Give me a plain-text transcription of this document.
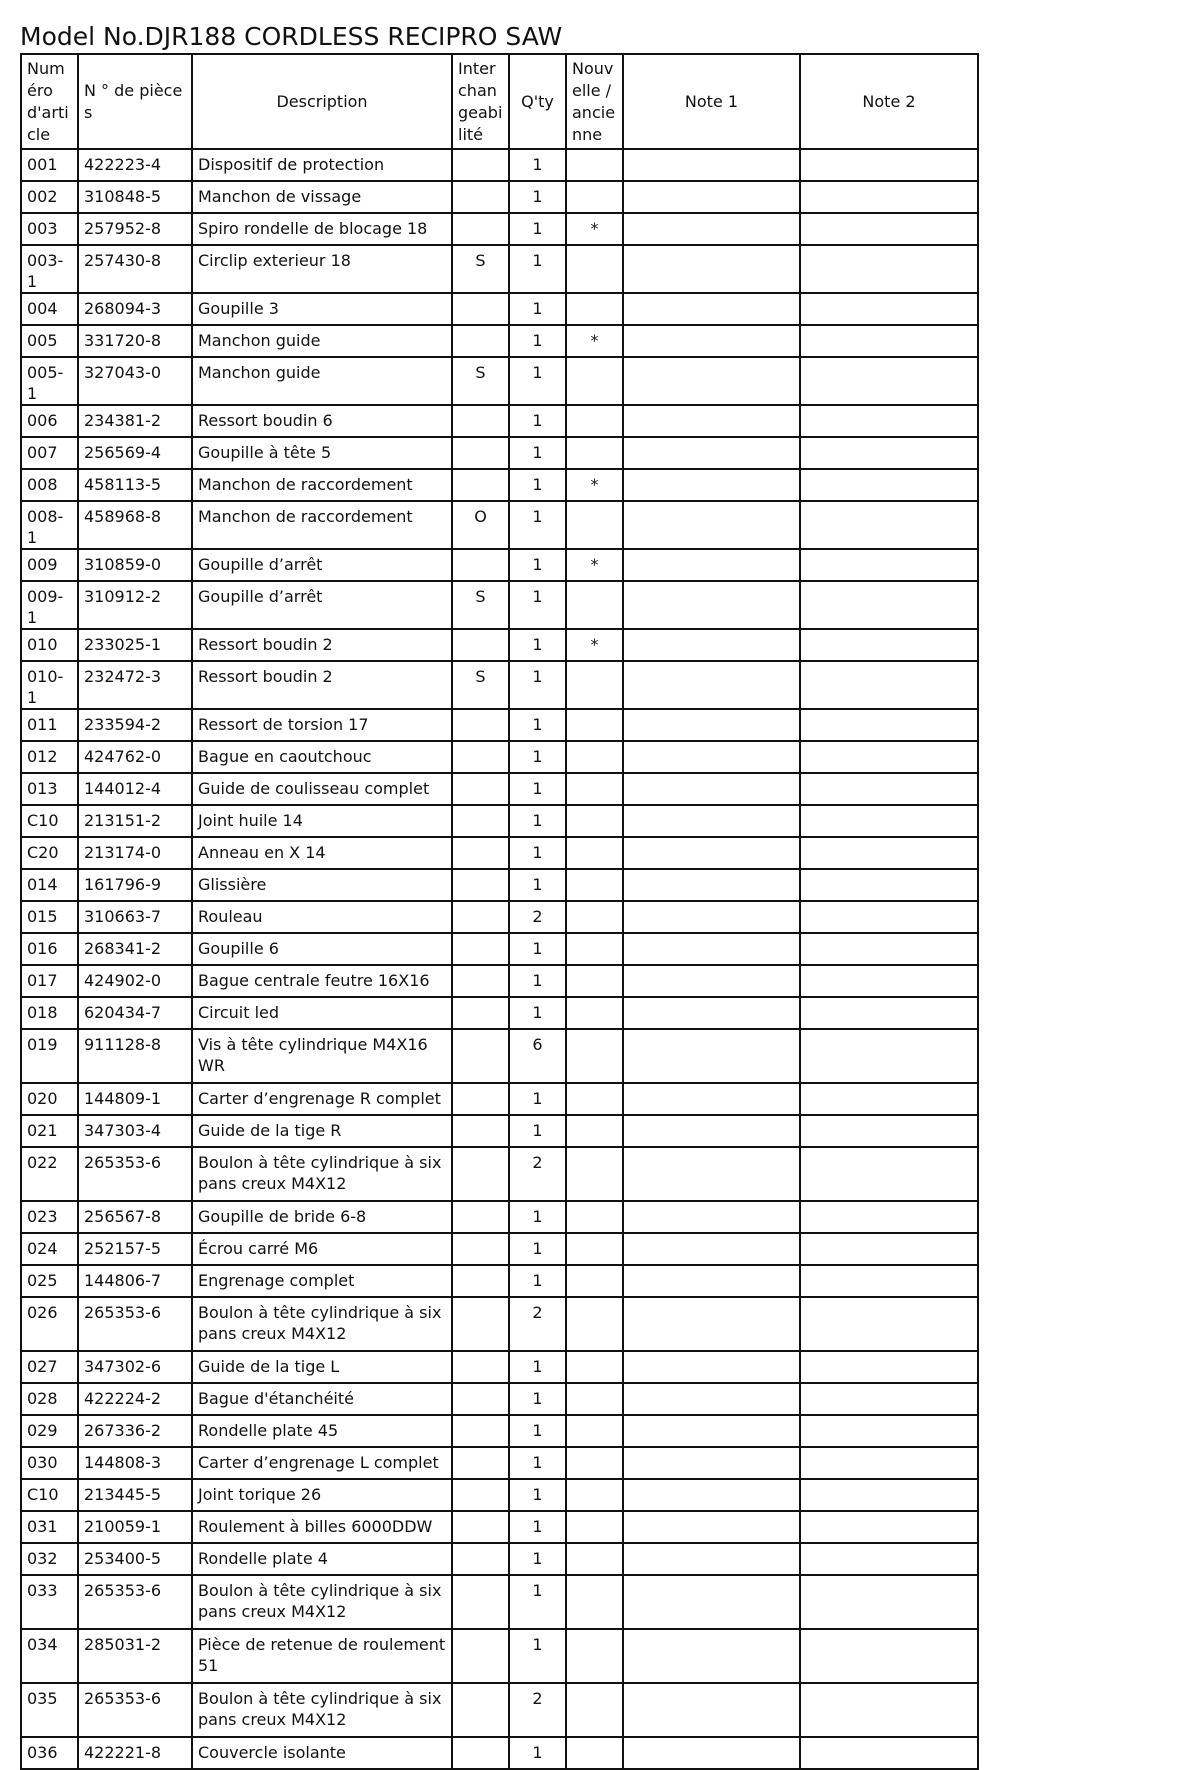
Model No.DJR188 CORDLESS RECIPRO SAW
Numéro d'article	N ° de pièces	Description	Interchangeabilité	Q'ty	Nouvelle / ancienne	Note 1	Note 2
001	422223-4	Dispositif de protection		1			
002	310848-5	Manchon de vissage		1			
003	257952-8	Spiro rondelle de blocage 18		1	*		
003-1	257430-8	Circlip exterieur 18	S	1			
004	268094-3	Goupille 3		1			
005	331720-8	Manchon guide		1	*		
005-1	327043-0	Manchon guide	S	1			
006	234381-2	Ressort boudin 6		1			
007	256569-4	Goupille à tête 5		1			
008	458113-5	Manchon de raccordement		1	*		
008-1	458968-8	Manchon de raccordement	O	1			
009	310859-0	Goupille d’arrêt		1	*		
009-1	310912-2	Goupille d’arrêt	S	1			
010	233025-1	Ressort boudin 2		1	*		
010-1	232472-3	Ressort boudin 2	S	1			
011	233594-2	Ressort de torsion 17		1			
012	424762-0	Bague en caoutchouc		1			
013	144012-4	Guide de coulisseau complet		1			
C10	213151-2	Joint huile 14		1			
C20	213174-0	Anneau en X 14		1			
014	161796-9	Glissière		1			
015	310663-7	Rouleau		2			
016	268341-2	Goupille 6		1			
017	424902-0	Bague centrale feutre 16X16		1			
018	620434-7	Circuit led		1			
019	911128-8	Vis à tête cylindrique M4X16 WR		6			
020	144809-1	Carter d’engrenage R complet		1			
021	347303-4	Guide de la tige R		1			
022	265353-6	Boulon à tête cylindrique à six pans creux M4X12		2			
023	256567-8	Goupille de bride 6-8		1			
024	252157-5	Écrou carré M6		1			
025	144806-7	Engrenage complet		1			
026	265353-6	Boulon à tête cylindrique à six pans creux M4X12		2			
027	347302-6	Guide de la tige L		1			
028	422224-2	Bague d'étanchéité		1			
029	267336-2	Rondelle plate 45		1			
030	144808-3	Carter d’engrenage L complet		1			
C10	213445-5	Joint torique 26		1			
031	210059-1	Roulement à billes 6000DDW		1			
032	253400-5	Rondelle plate 4		1			
033	265353-6	Boulon à tête cylindrique à six pans creux M4X12		1			
034	285031-2	Pièce de retenue de roulement 51		1			
035	265353-6	Boulon à tête cylindrique à six pans creux M4X12		2			
036	422221-8	Couvercle isolante		1			
